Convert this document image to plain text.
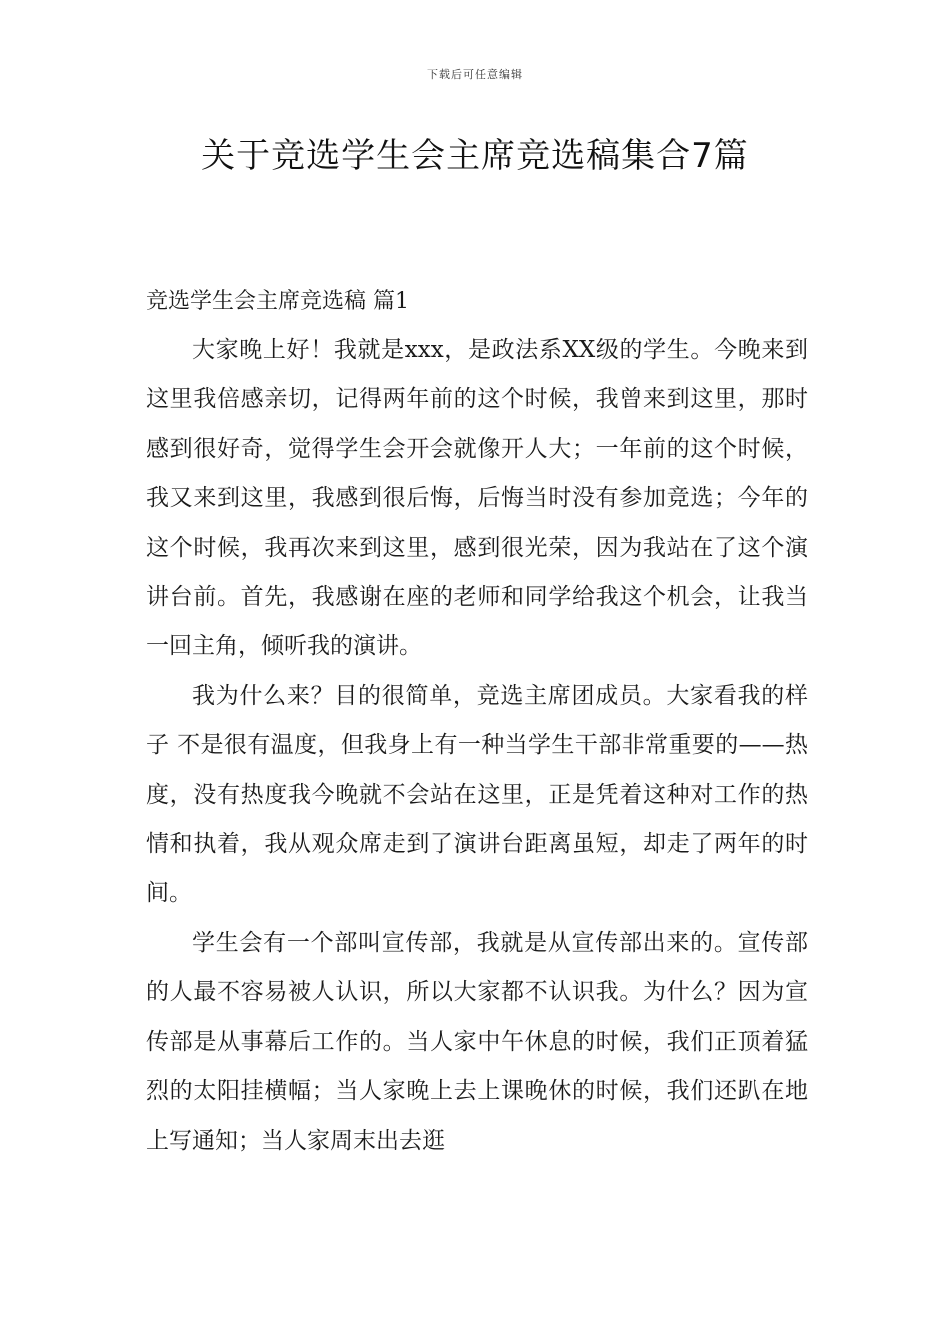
下载后可任意编辑
关于竞选学生会主席竞选稿集合7篇
竞选学生会主席竞选稿 篇1

大家晚上好！我就是xxx，是政法系XX级的学生。今晚来到这里我倍感亲切，记得两年前的这个时候，我曾来到这里，那时感到很好奇，觉得学生会开会就像开人大；一年前的这个时候，我又来到这里，我感到很后悔，后悔当时没有参加竞选；今年的这个时候，我再次来到这里，感到很光荣，因为我站在了这个演讲台前。首先，我感谢在座的老师和同学给我这个机会，让我当一回主角，倾听我的演讲。

我为什么来？目的很简单，竞选主席团成员。大家看我的样子 不是很有温度，但我身上有一种当学生干部非常重要的——热度，没有热度我今晚就不会站在这里，正是凭着这种对工作的热情和执着，我从观众席走到了演讲台距离虽短，却走了两年的时间。

学生会有一个部叫宣传部，我就是从宣传部出来的。宣传部的人最不容易被人认识，所以大家都不认识我。为什么？因为宣传部是从事幕后工作的。当人家中午休息的时候，我们正顶着猛烈的太阳挂横幅；当人家晚上去上课晚休的时候，我们还趴在地上写通知；当人家周末出去逛
